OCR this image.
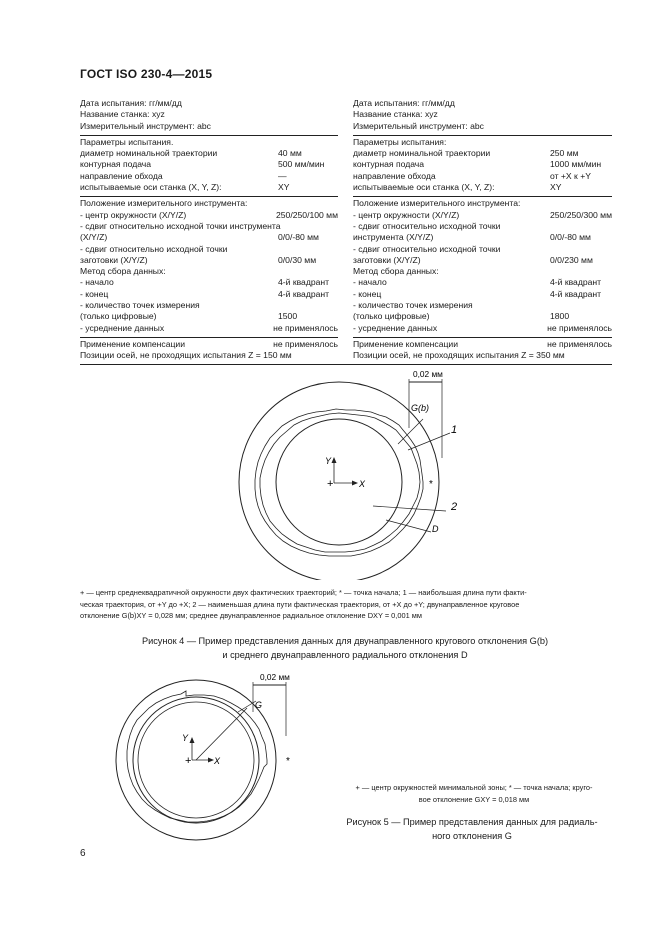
ГОСТ ISO 230-4—2015
Дата испытания: гг/мм/дд
Название станка: xyz
Измерительный инструмент: abc
Параметры испытания.
диаметр номинальной траектории	40 мм
контурная подача	500 мм/мин
направление обхода	—
испытываемые оси станка (X, Y, Z):	XY
Положение измерительного инструмента:
- центр окружности (X/Y/Z)	250/250/100 мм
- сдвиг относительно исходной точки инструмента
(X/Y/Z)	0/0/-80 мм
- сдвиг относительно исходной точки
заготовки (X/Y/Z)	0/0/30 мм
Метод сбора данных:
- начало	4-й квадрант
- конец	4-й квадрант
- количество точек измерения
(только цифровые)	1500
- усреднение данных	не применялось
Применение компенсации	не применялось
Позиции осей, не проходящих испытания Z = 150 мм
Дата испытания: гг/мм/дд
Название станка: xyz
Измерительный инструмент: abc
Параметры испытания:
диаметр номинальной траектории	250 мм
контурная подача	1000 мм/мин
направление обхода	от +X к +Y
испытываемые оси станка (X, Y, Z):	XY
Положение измерительного инструмента:
- центр окружности (X/Y/Z)	250/250/300 мм
- сдвиг относительно исходной точки
инструмента (X/Y/Z)	0/0/-80 мм
- сдвиг относительно исходной точки
заготовки (X/Y/Z)	0/0/230 мм
Метод сбора данных:
- начало	4-й квадрант
- конец	4-й квадрант
- количество точек измерения
(только цифровые)	1800
- усреднение данных	не применялось
Применение компенсации	не применялось
Позиции осей, не проходящих испытания Z = 350 мм
0,02 мм
G(b)
1
2
D
Y
X
+	*
+ — центр среднеквадратичной окружности двух фактических траекторий; * — точка начала; 1 — наибольшая длина пути факти-
ческая траектория, от +Y до +X; 2 — наименьшая длина пути фактическая траектория, от +X до +Y; двунаправленное круговое
отклонение G(b)XY = 0,028 мм; среднее двунаправленное радиальное отклонение DXY = 0,001 мм
Рисунок 4 — Пример представления данных для двунаправленного кругового отклонения G(b)
и среднего двунаправленного радиального отклонения D
0,02 мм
G
Y
X
+	*
+ — центр окружностей минимальной зоны; * — точка начала; круго-
вое отклонение GXY = 0,018 мм
Рисунок 5 — Пример представления данных для радиаль-
ного отклонения G
6
